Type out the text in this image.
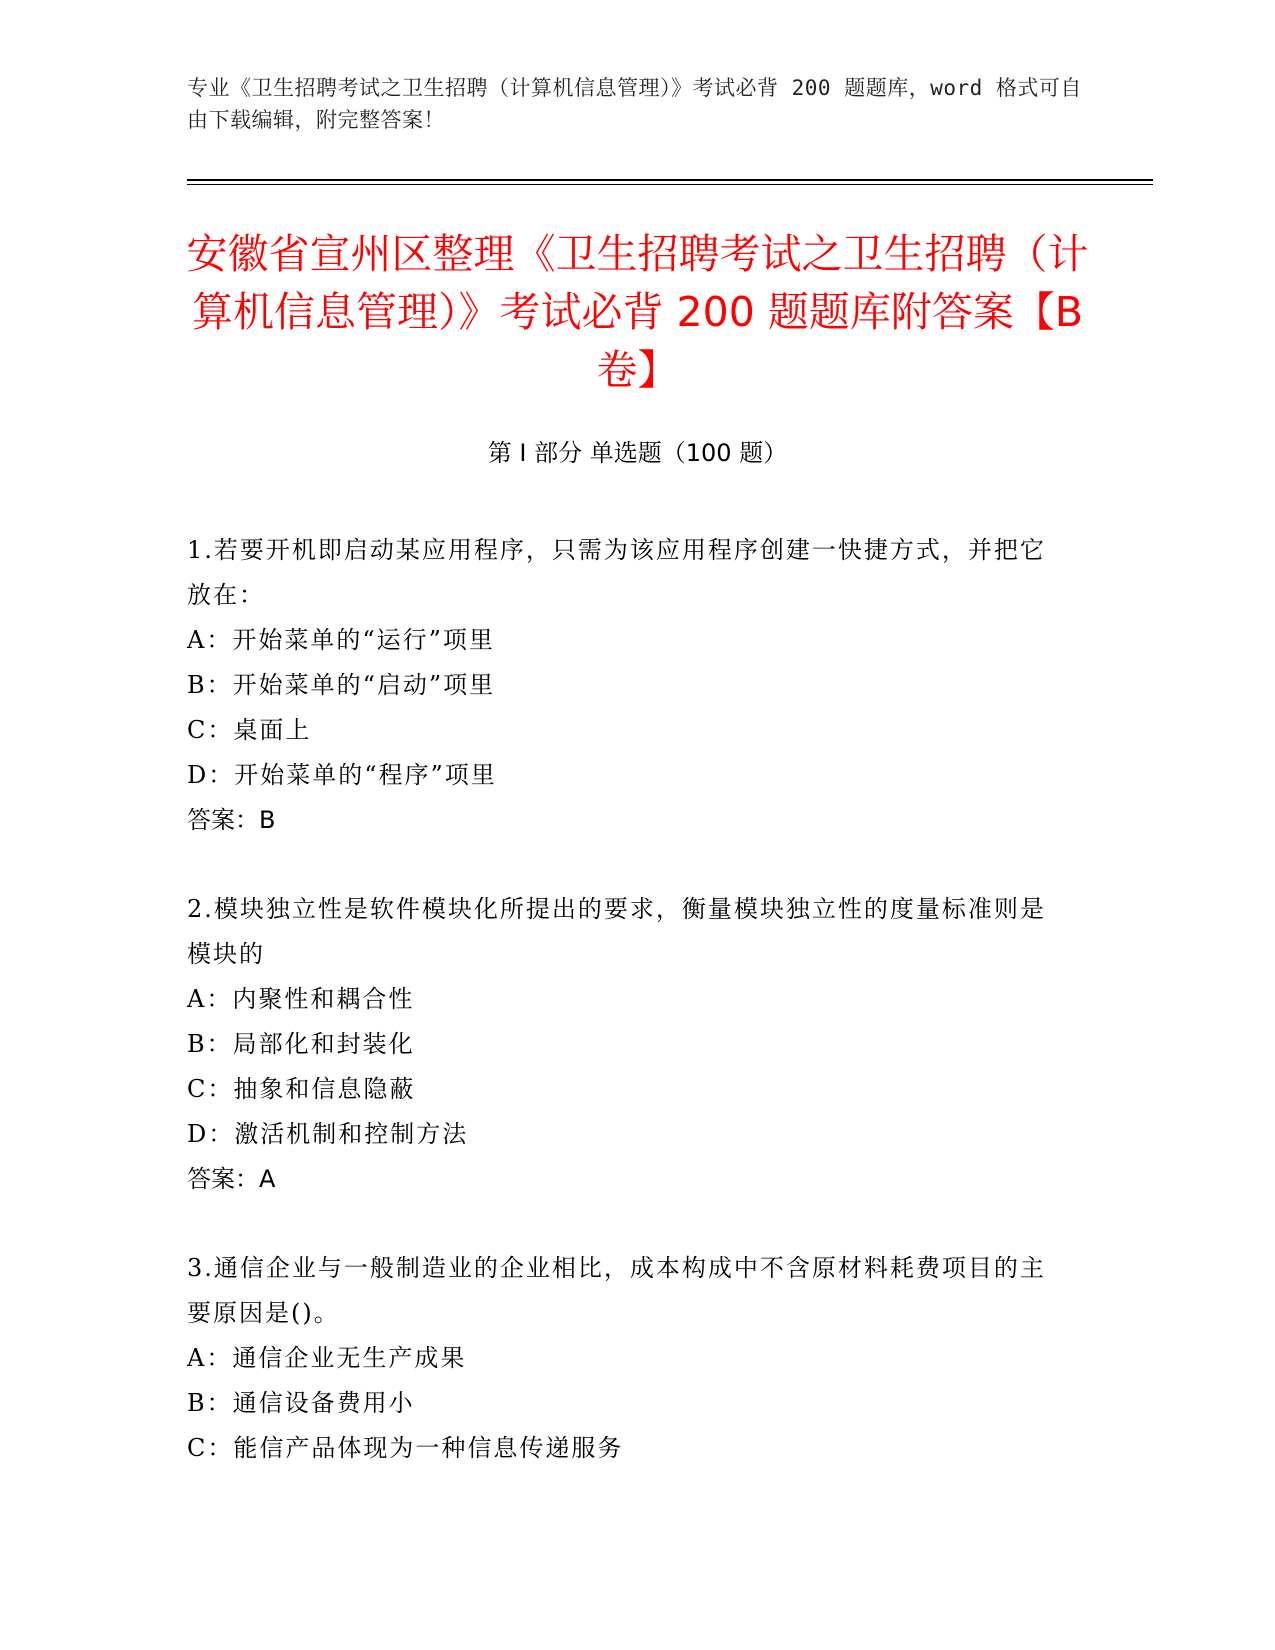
专业《卫生招聘考试之卫生招聘（计算机信息管理）》考试必背 200 题题库，word 格式可自由下载编辑，附完整答案！
安徽省宣州区整理《卫生招聘考试之卫生招聘（计算机信息管理）》考试必背 200 题题库附答案【B 卷】
第 I 部分 单选题（100 题）
1.若要开机即启动某应用程序，只需为该应用程序创建一快捷方式，并把它放在：
A：开始菜单的“运行”项里
B：开始菜单的“启动”项里
C：桌面上
D：开始菜单的“程序”项里
答案：B
2.模块独立性是软件模块化所提出的要求，衡量模块独立性的度量标准则是模块的
A：内聚性和耦合性
B：局部化和封装化
C：抽象和信息隐蔽
D：激活机制和控制方法
答案：A
3.通信企业与一般制造业的企业相比，成本构成中不含原材料耗费项目的主要原因是()。
A：通信企业无生产成果
B：通信设备费用小
C：能信产品体现为一种信息传递服务
